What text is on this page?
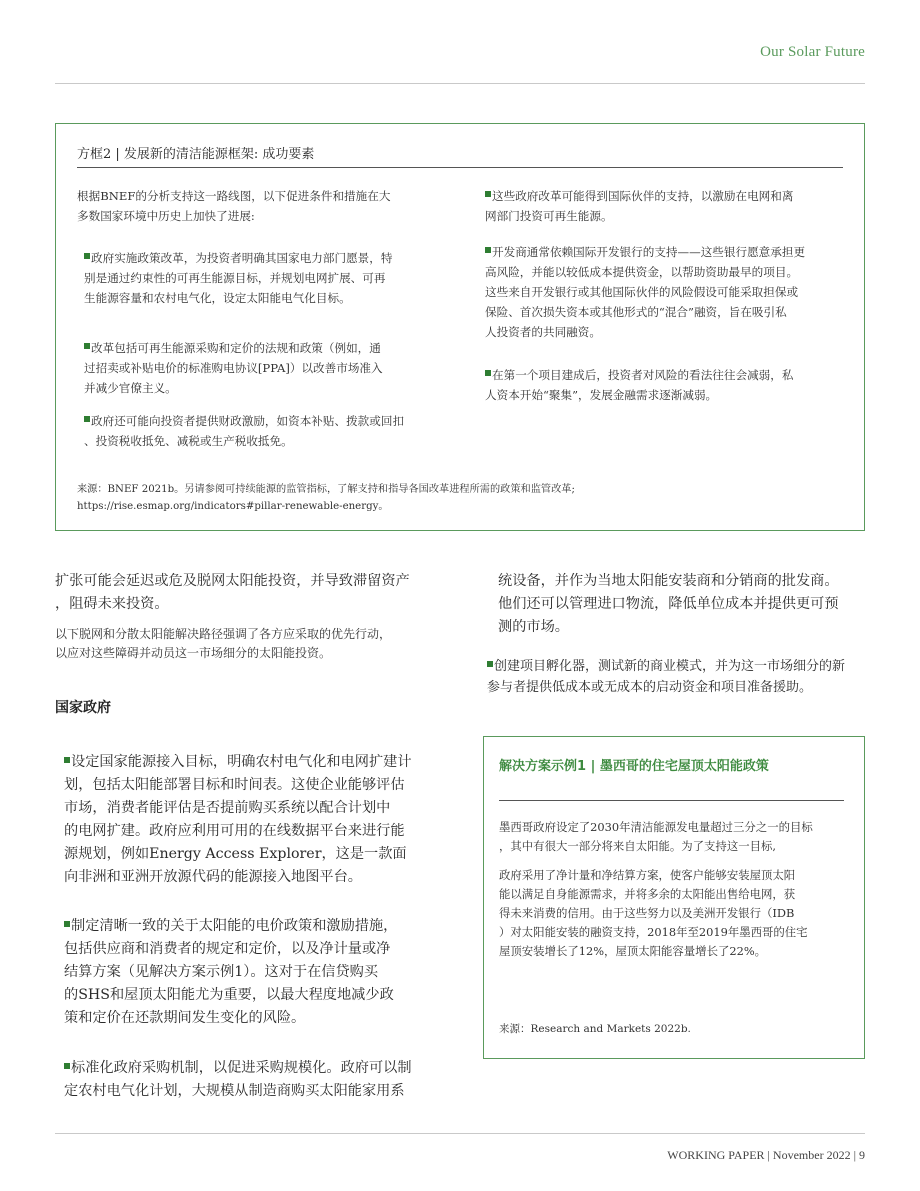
Our Solar Future
方框2 | 发展新的清洁能源框架: 成功要素
根据BNEF的分析支持这一路线图，以下促进条件和措施在大
多数国家环境中历史上加快了进展:
政府实施政策改革，为投资者明确其国家电力部门愿景，特
别是通过约束性的可再生能源目标，并规划电网扩展、可再
生能源容量和农村电气化，设定太阳能电气化目标。
改革包括可再生能源采购和定价的法规和政策（例如，通
过招卖或补贴电价的标准购电协议[PPA]）以改善市场准入
并减少官僚主义。
政府还可能向投资者提供财政激励，如资本补贴、拨款或回扣
、投资税收抵免、减税或生产税收抵免。
这些政府改革可能得到国际伙伴的支持，以激励在电网和离
网部门投资可再生能源。
开发商通常依赖国际开发银行的支持——这些银行愿意承担更
高风险，并能以较低成本提供资金，以帮助资助最早的项目。
这些来自开发银行或其他国际伙伴的风险假设可能采取担保或
保险、首次损失资本或其他形式的“混合”融资，旨在吸引私
人投资者的共同融资。
在第一个项目建成后，投资者对风险的看法往往会减弱，私
人资本开始“聚集”，发展金融需求逐渐减弱。
来源：BNEF 2021b。另请参阅可持续能源的监管指标，了解支持和指导各国改革进程所需的政策和监管改革;
https://rise.esmap.org/indicators#pillar-renewable-energy。
扩张可能会延迟或危及脱网太阳能投资，并导致滞留资产
，阻碍未来投资。
以下脱网和分散太阳能解决路径强调了各方应采取的优先行动，
以应对这些障碍并动员这一市场细分的太阳能投资。
国家政府

设定国家能源接入目标，明确农村电气化和电网扩建计
划，包括太阳能部署目标和时间表。这使企业能够评估
市场，消费者能评估是否提前购买系统以配合计划中
的电网扩建。政府应利用可用的在线数据平台来进行能
源规划，例如Energy Access Explorer，这是一款面
向非洲和亚洲开放源代码的能源接入地图平台。

制定清晰一致的关于太阳能的电价政策和激励措施，
包括供应商和消费者的规定和定价，以及净计量或净
结算方案（见解决方案示例1）。这对于在信贷购买
的SHS和屋顶太阳能尤为重要，以最大程度地减少政
策和定价在还款期间发生变化的风险。

标准化政府采购机制，以促进采购规模化。政府可以制
定农村电气化计划，大规模从制造商购买太阳能家用系

统设备，并作为当地太阳能安装商和分销商的批发商。
他们还可以管理进口物流，降低单位成本并提供更可预
测的市场。

创建项目孵化器，测试新的商业模式，并为这一市场细分的新
参与者提供低成本或无成本的启动资金和项目准备援助。

解决方案示例1 | 墨西哥的住宅屋顶太阳能政策
墨西哥政府设定了2030年清洁能源发电量超过三分之一的目标
，其中有很大一部分将来自太阳能。为了支持这一目标,
政府采用了净计量和净结算方案，使客户能够安装屋顶太阳
能以满足自身能源需求，并将多余的太阳能出售给电网，获
得未来消费的信用。由于这些努力以及美洲开发银行（IDB
）对太阳能安装的融资支持，2018年至2019年墨西哥的住宅
屋顶安装增长了12%，屋顶太阳能容量增长了22%。
来源：Research and Markets 2022b.
WORKING PAPER | November 2022 | 9
